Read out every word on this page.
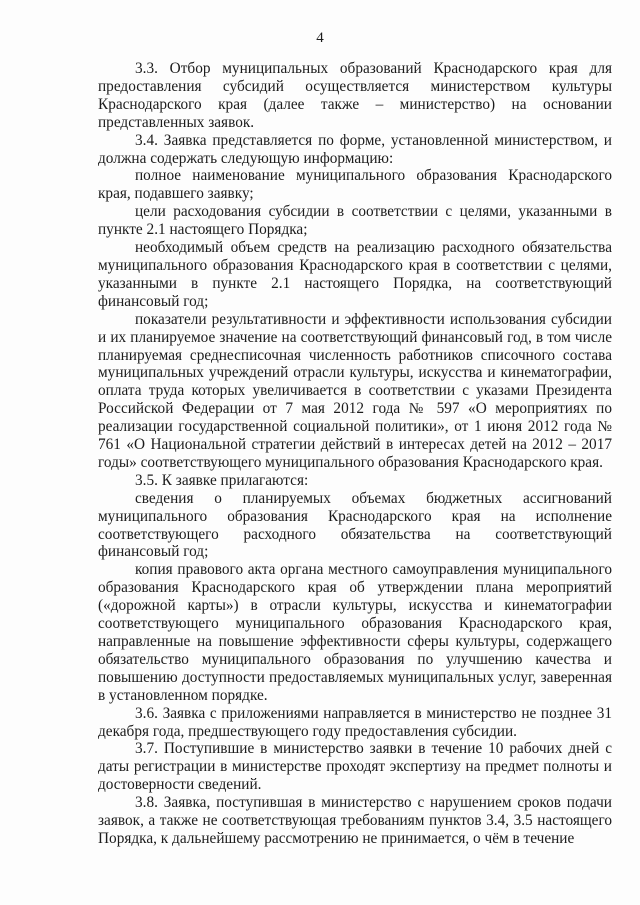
4

3.3. Отбор муниципальных образований Краснодарского края для предоставления субсидий осуществляется министерством культуры Краснодарского края (далее также – министерство) на основании представленных заявок.

3.4. Заявка представляется по форме, установленной министерством, и должна содержать следующую информацию:

полное наименование муниципального образования Краснодарского края, подавшего заявку;

цели расходования субсидии в соответствии с целями, указанными в пункте 2.1 настоящего Порядка;

необходимый объем средств на реализацию расходного обязательства муниципального образования Краснодарского края в соответствии с целями, указанными в пункте 2.1 настоящего Порядка, на соответствующий финансовый год;

показатели результативности и эффективности использования субсидии и их планируемое значение на соответствующий финансовый год, в том числе планируемая среднесписочная численность работников списочного состава муниципальных учреждений отрасли культуры, искусства и кинематографии, оплата труда которых увеличивается в соответствии с указами Президента Российской Федерации от 7 мая 2012 года № 597 «О мероприятиях по реализации государственной социальной политики», от 1 июня 2012 года № 761 «О Национальной стратегии действий в интересах детей на 2012 – 2017 годы» соответствующего муниципального образования Краснодарского края.

3.5. К заявке прилагаются:

сведения о планируемых объемах бюджетных ассигнований муниципального образования Краснодарского края на исполнение соответствующего расходного обязательства на соответствующий финансовый год;

копия правового акта органа местного самоуправления муниципального образования Краснодарского края об утверждении плана мероприятий («дорожной карты») в отрасли культуры, искусства и кинематографии соответствующего муниципального образования Краснодарского края, направленные на повышение эффективности сферы культуры, содержащего обязательство муниципального образования по улучшению качества и повышению доступности предоставляемых муниципальных услуг, заверенная в установленном порядке.

3.6. Заявка с приложениями направляется в министерство не позднее 31 декабря года, предшествующего году предоставления субсидии.

3.7. Поступившие в министерство заявки в течение 10 рабочих дней с даты регистрации в министерстве проходят экспертизу на предмет полноты и достоверности сведений.

3.8. Заявка, поступившая в министерство с нарушением сроков подачи заявок, а также не соответствующая требованиям пунктов 3.4, 3.5 настоящего Порядка, к дальнейшему рассмотрению не принимается, о чём в течение
